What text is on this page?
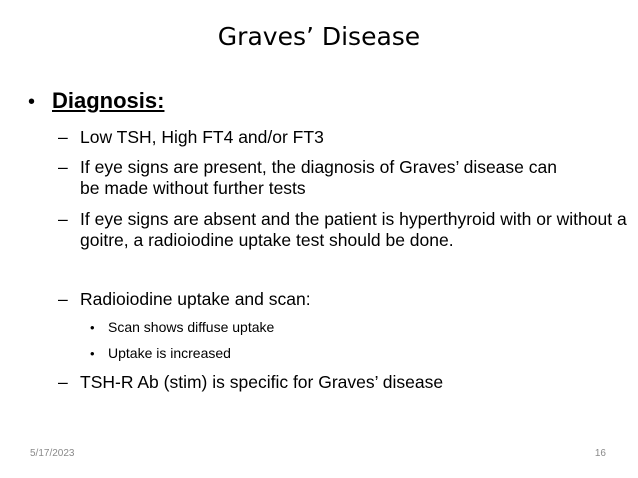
Graves’ Disease
• Diagnosis:
– Low TSH, High FT4 and/or FT3
– If eye signs are present, the diagnosis of Graves’ disease can be made without further tests
– If eye signs are absent and the patient is hyperthyroid with or without a goitre, a radioiodine uptake test should be done.
– Radioiodine uptake and scan:
• Scan shows diffuse uptake
• Uptake is increased
– TSH-R Ab (stim) is specific for Graves’ disease
5/17/2023	16
